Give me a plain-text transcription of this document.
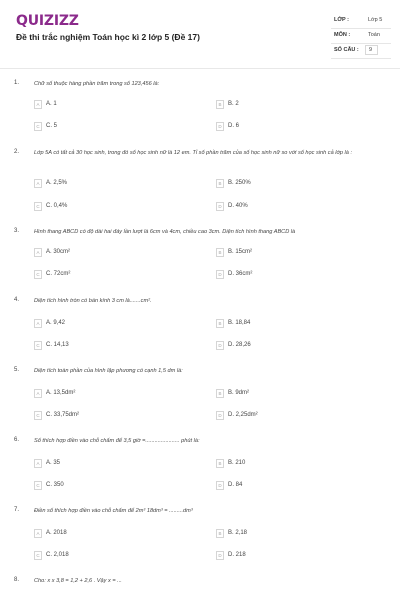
QUIZIZZ
Đề thi trắc nghiệm Toán học kì 2 lớp 5 (Đề 17)
LỚP :	Lớp 5
MÔN :	Toán
SỐ CÂU :	9
1.	Chữ số thuộc hàng phần trăm trong số 123,456 là:
A	A. 1	B	B. 2
C	C. 5	D	D. 6
2.	Lớp 5A có tất cả 30 học sinh, trong đó số học sinh nữ là 12 em. Tỉ số phần trăm của số học sinh nữ so với số học sinh cả lớp là :
A	A. 2,5%	B	B. 250%
C	C. 0,4%	D	D. 40%
3.	Hình thang ABCD có độ dài hai đáy lần lượt là 6cm và 4cm, chiều cao 3cm. Diện tích hình thang ABCD là
A	A. 30cm²	B	B. 15cm²
C	C. 72cm²	D	D. 36cm²
4.	Diện tích hình tròn có bán kính 3 cm là.......cm².
A	A. 9,42	B	B. 18,84
C	C. 14,13	D	D. 28,26
5.	Diện tích toàn phần của hình lập phương có cạnh 1,5 dm là:
A	A. 13,5dm²	B	B. 9dm²
C	C. 33,75dm²	D	D. 2,25dm²
6.	Số thích hợp điền vào chỗ chấm để 3,5 giờ =...................... phút là:
A	A. 35	B	B. 210
C	C. 350	D	D. 84
7.	Điền số thích hợp điền vào chỗ chấm để 2m³ 18dm³ = .........dm³
A	A. 2018	B	B. 2,18
C	C. 2,018	D	D. 218
8.	Cho: x x 3,8 = 1,2 + 2,6 . Vậy x = ...
